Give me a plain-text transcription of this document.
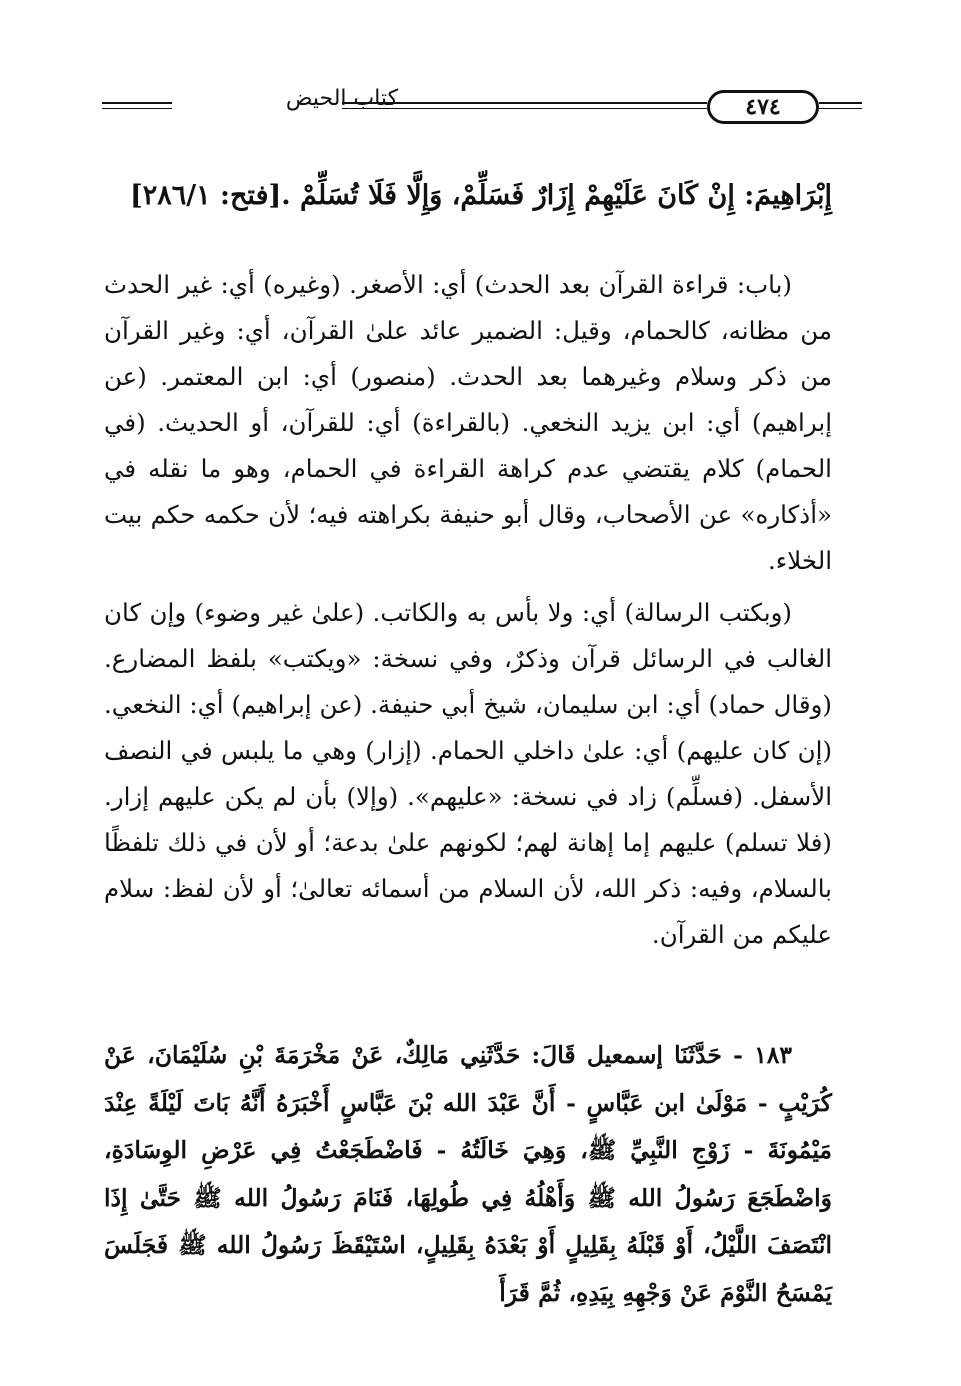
كتاب الحيض	٤٧٤
إِبْرَاهِيمَ: إِنْ كَانَ عَلَيْهِمْ إِزَارٌ فَسَلِّمْ، وَإِلَّا فَلَا تُسَلِّمْ .[فتح: ٢٨٦/١]

(باب: قراءة القرآن بعد الحدث) أي: الأصغر. (وغيره) أي: غير الحدث من مظانه، كالحمام، وقيل: الضمير عائد علىٰ القرآن، أي: وغير القرآن من ذكر وسلام وغيرهما بعد الحدث. (منصور) أي: ابن المعتمر. (عن إبراهيم) أي: ابن يزيد النخعي. (بالقراءة) أي: للقرآن، أو الحديث. (في الحمام) كلام يقتضي عدم كراهة القراءة في الحمام، وهو ما نقله في «أذكاره» عن الأصحاب، وقال أبو حنيفة بكراهته فيه؛ لأن حكمه حكم بيت الخلاء.

(وبكتب الرسالة) أي: ولا بأس به والكاتب. (علىٰ غير وضوء) وإن كان الغالب في الرسائل قرآن وذكرٌ، وفي نسخة: «ويكتب» بلفظ المضارع. (وقال حماد) أي: ابن سليمان، شيخ أبي حنيفة. (عن إبراهيم) أي: النخعي. (إن كان عليهم) أي: علىٰ داخلي الحمام. (إزار) وهي ما يلبس في النصف الأسفل. (فسلِّم) زاد في نسخة: «عليهم». (وإلا) بأن لم يكن عليهم إزار. (فلا تسلم) عليهم إما إهانة لهم؛ لكونهم علىٰ بدعة؛ أو لأن في ذلك تلفظًا بالسلام، وفيه: ذكر الله، لأن السلام من أسمائه تعالىٰ؛ أو لأن لفظ: سلام عليكم من القرآن.

١٨٣ - حَدَّثَنَا إسمعيل قَالَ: حَدَّثَنِي مَالِكٌ، عَنْ مَخْرَمَةَ بْنِ سُلَيْمَانَ، عَنْ كُرَيْبٍ - مَوْلَىٰ ابن عَبَّاسٍ - أَنَّ عَبْدَ الله بْنَ عَبَّاسٍ أَخْبَرَهُ أَنَّهُ بَاتَ لَيْلَةً عِنْدَ مَيْمُونَةَ - زَوْجِ النَّبِيِّ ﷺ، وَهِيَ خَالَتُهُ - فَاضْطَجَعْتُ فِي عَرْضِ الوِسَادَةِ، وَاضْطَجَعَ رَسُولُ الله ﷺ وَأَهْلُهُ فِي طُولِهَا، فَنَامَ رَسُولُ الله ﷺ حَتَّىٰ إِذَا انْتَصَفَ اللَّيْلُ، أَوْ قَبْلَهُ بِقَلِيلٍ أَوْ بَعْدَهُ بِقَلِيلٍ، اسْتَيْقَظَ رَسُولُ الله ﷺ فَجَلَسَ يَمْسَحُ النَّوْمَ عَنْ وَجْهِهِ بِيَدِهِ، ثُمَّ قَرَأَ
